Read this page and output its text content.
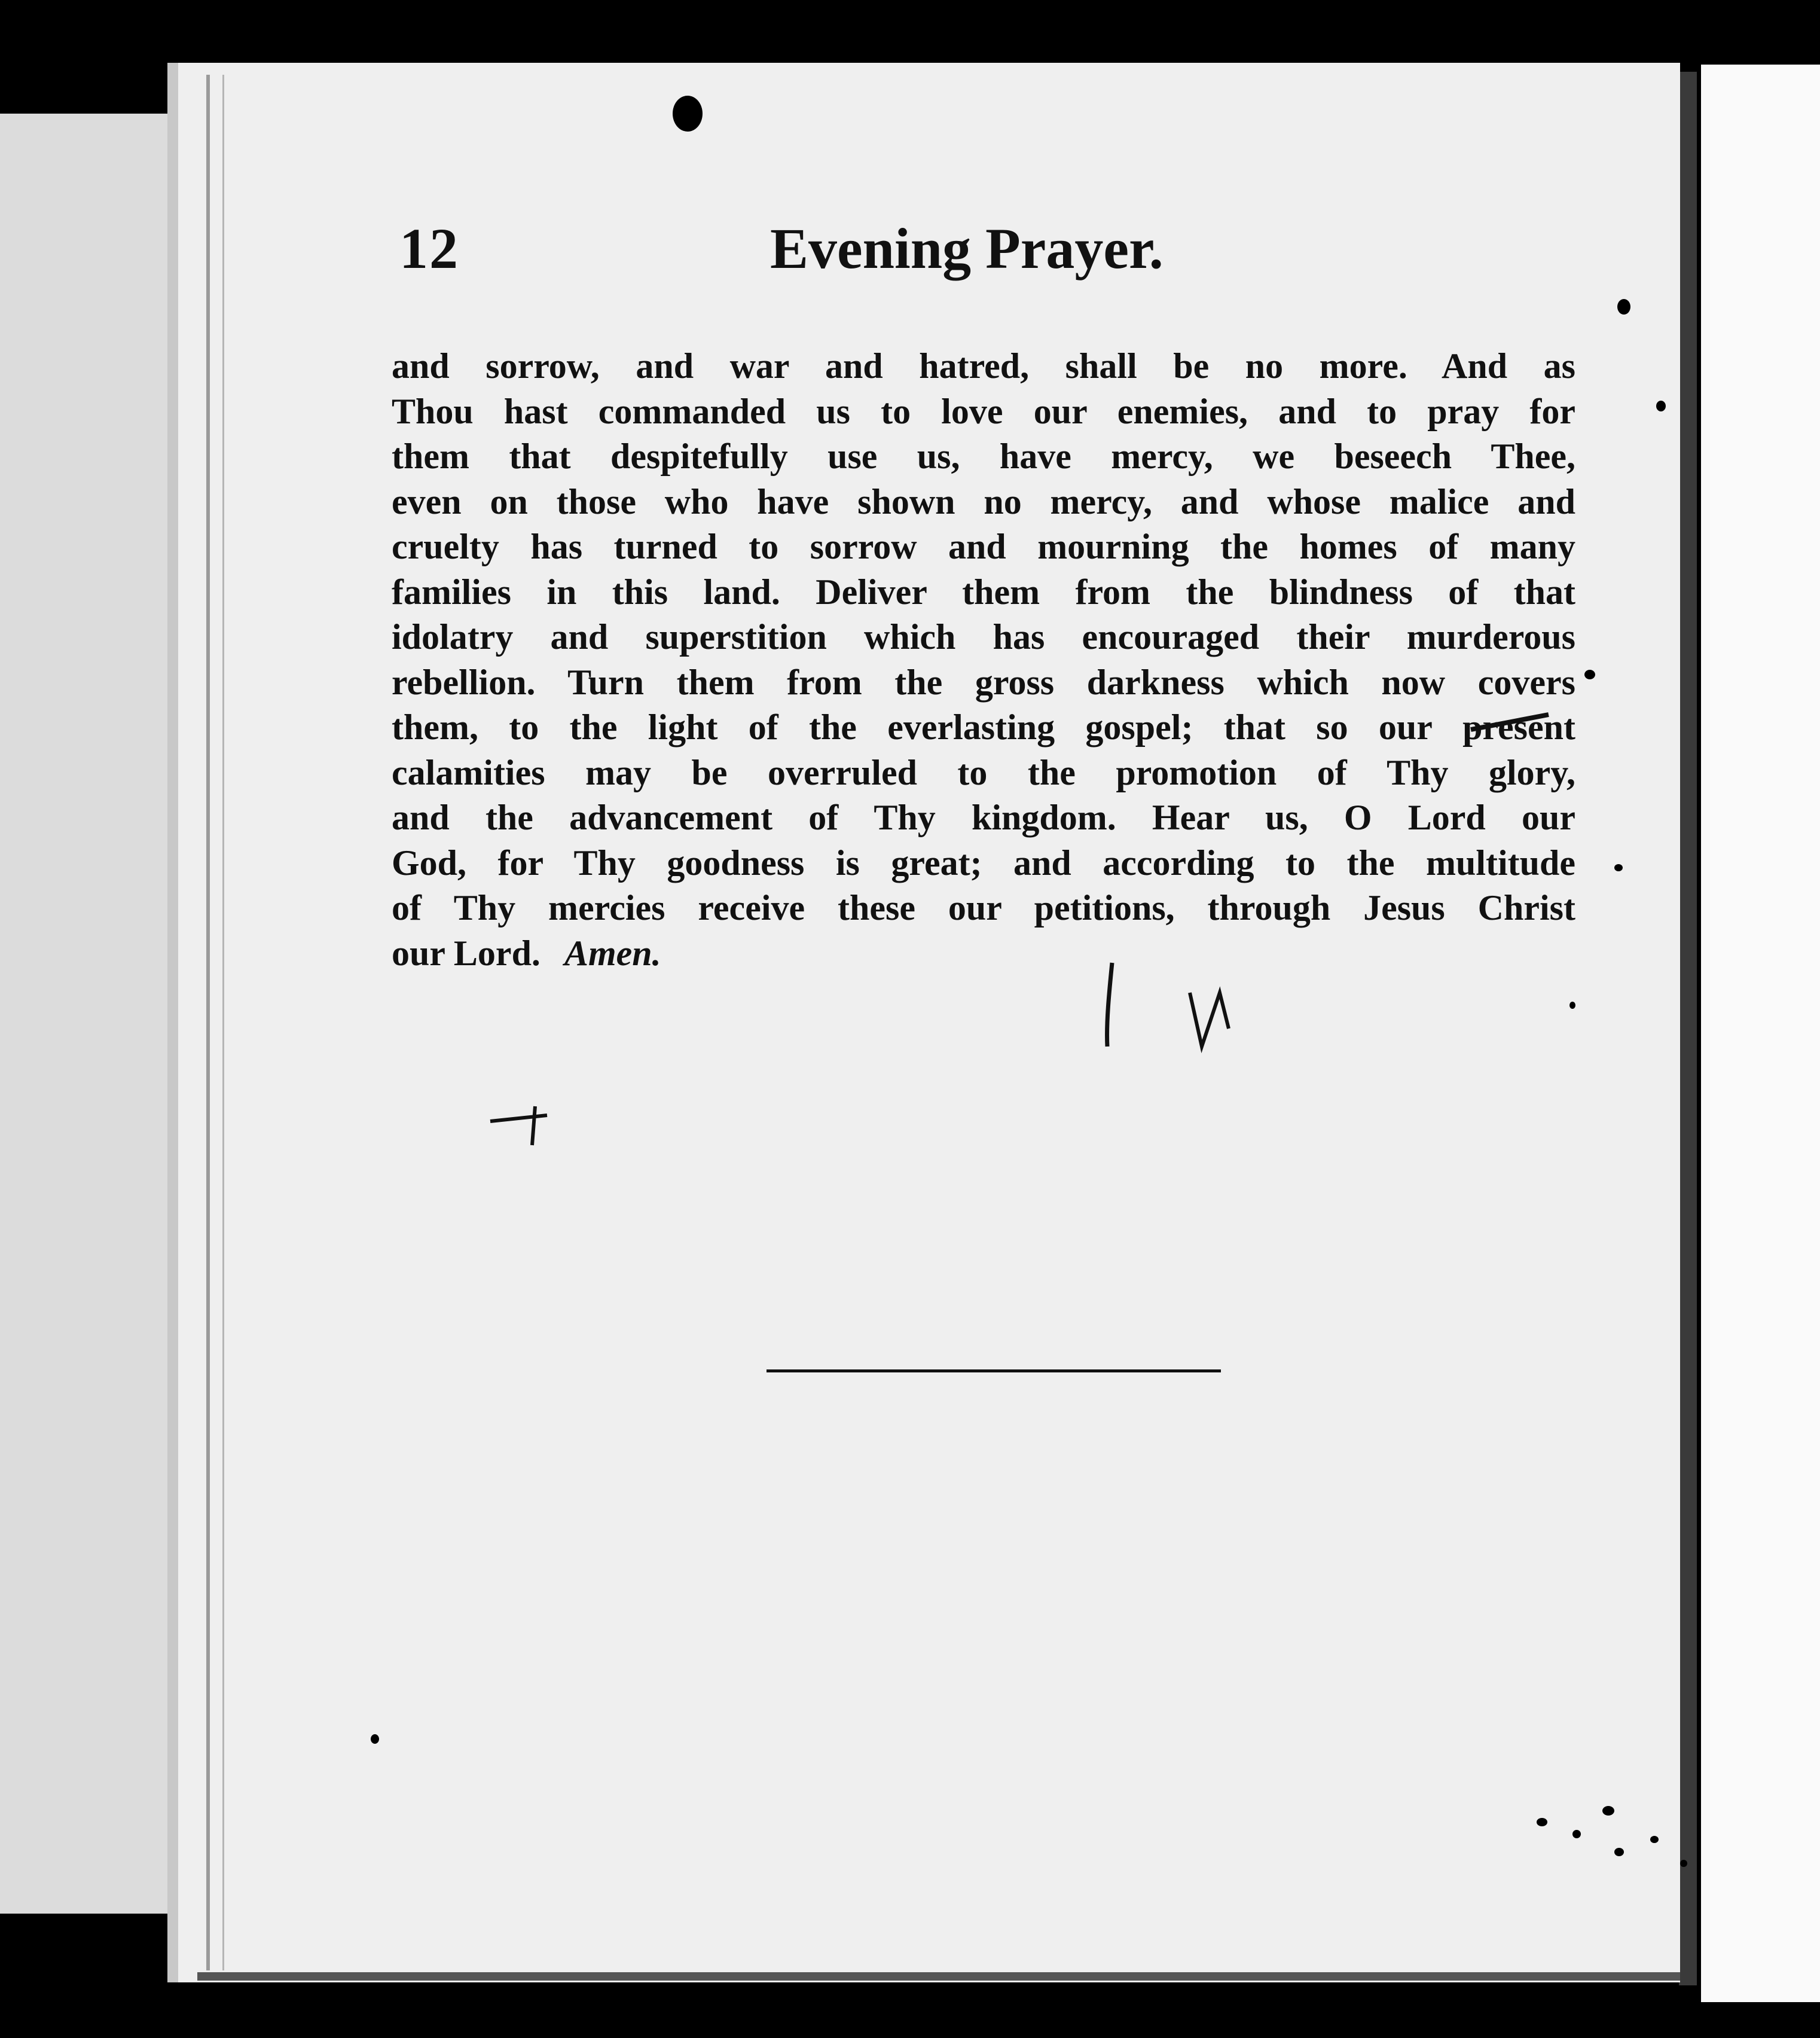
12	Evening Prayer.

and sorrow, and war and hatred, shall be no more. And as

Thou hast commanded us to love our enemies, and to pray for

them that despitefully use us, have mercy, we beseech Thee,

even on those who have shown no mercy, and whose malice and

cruelty has turned to sorrow and mourning the homes of many

families in this land. Deliver them from the blindness of that

idolatry and superstition which has encouraged their murderous

rebellion. Turn them from the gross darkness which now covers

them, to the light of the everlasting gospel; that so our present

calamities may be overruled to the promotion of Thy glory,

and the advancement of Thy kingdom. Hear us, O Lord our

God, for Thy goodness is great; and according to the multitude

of Thy mercies receive these our petitions, through Jesus Christ

our Lord. Amen.
